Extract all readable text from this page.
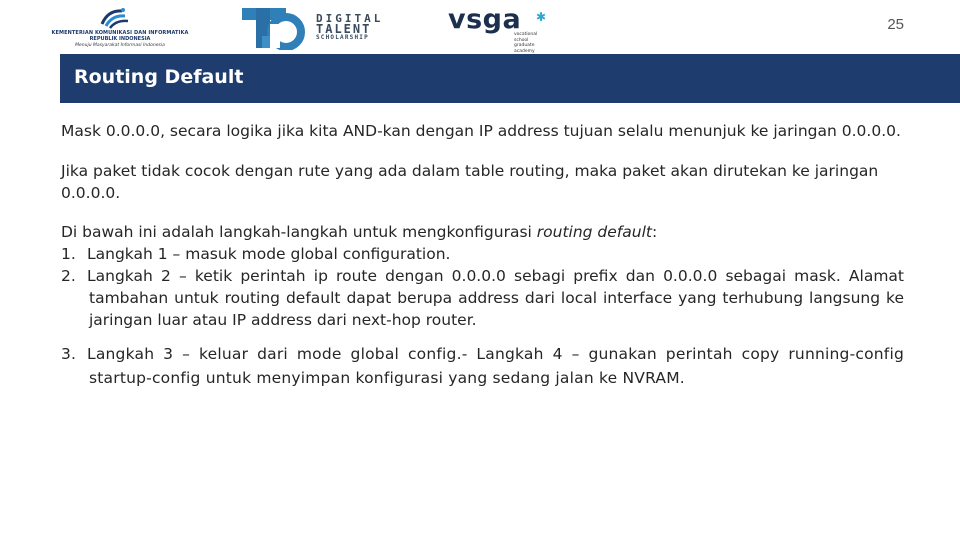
KEMENTERIAN KOMUNIKASI DAN INFORMATIKA
REPUBLIK INDONESIA
Menuju Masyarakat Informasi Indonesia
DIGITAL
TALENT
SCHOLARSHIP
vsga ✱
vocational
school
graduate
academy
25
Routing Default

Mask 0.0.0.0, secara logika jika kita AND-kan dengan IP address tujuan selalu menunjuk ke jaringan 0.0.0.0.

Jika paket tidak cocok dengan rute yang ada dalam table routing, maka paket akan dirutekan ke jaringan 0.0.0.0.

Di bawah ini adalah langkah-langkah untuk mengkonfigurasi routing default:

1. Langkah 1 – masuk mode global configuration.

2. Langkah 2 – ketik perintah ip route dengan 0.0.0.0 sebagi prefix dan 0.0.0.0 sebagai mask. Alamat tambahan untuk routing default dapat berupa address dari local interface yang terhubung langsung ke jaringan luar atau IP address dari next-hop router.

3. Langkah 3 – keluar dari mode global config.- Langkah 4 – gunakan perintah copy running-config startup-config untuk menyimpan konfigurasi yang sedang jalan ke NVRAM.
